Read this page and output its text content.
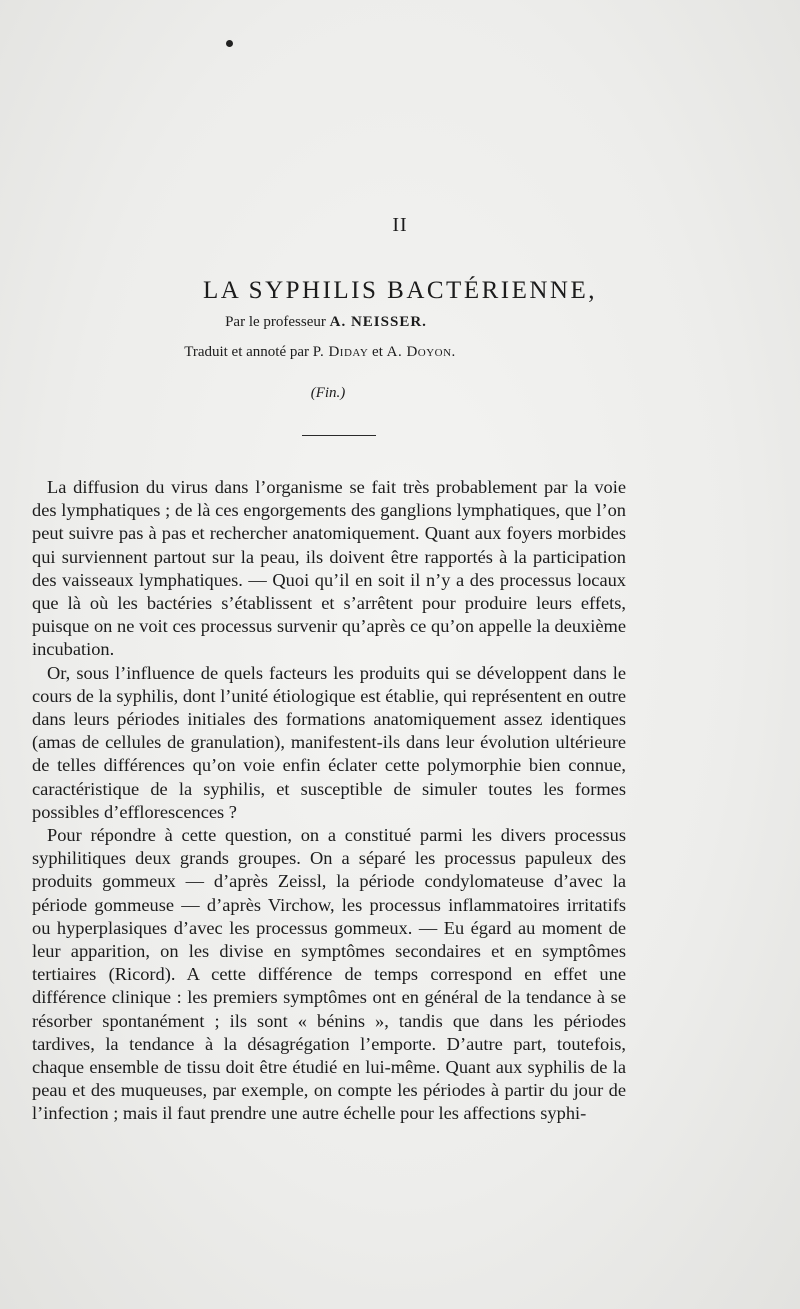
II
LA SYPHILIS BACTÉRIENNE,
Par le professeur A. NEISSER.
Traduit et annoté par P. Diday et A. Doyon.
(Fin.)

La diffusion du virus dans l’organisme se fait très probablement par la voie des lymphatiques ; de là ces engorgements des ganglions lymphatiques, que l’on peut suivre pas à pas et rechercher anatomiquement. Quant aux foyers morbides qui surviennent partout sur la peau, ils doivent être rapportés à la participation des vaisseaux lymphatiques. — Quoi qu’il en soit il n’y a des processus locaux que là où les bactéries s’établissent et s’arrêtent pour produire leurs effets, puisque on ne voit ces processus survenir qu’après ce qu’on appelle la deuxième incubation.

Or, sous l’influence de quels facteurs les produits qui se développent dans le cours de la syphilis, dont l’unité étiologique est établie, qui représentent en outre dans leurs périodes initiales des formations anatomiquement assez identiques (amas de cellules de granulation), manifestent-ils dans leur évolution ultérieure de telles différences qu’on voie enfin éclater cette polymorphie bien connue, caractéristique de la syphilis, et susceptible de simuler toutes les formes possibles d’efflorescences ?

Pour répondre à cette question, on a constitué parmi les divers processus syphilitiques deux grands groupes. On a séparé les processus papuleux des produits gommeux — d’après Zeissl, la période condylomateuse d’avec la période gommeuse — d’après Virchow, les processus inflammatoires irritatifs ou hyperplasiques d’avec les processus gommeux. — Eu égard au moment de leur apparition, on les divise en symptômes secondaires et en symptômes tertiaires (Ricord). A cette différence de temps correspond en effet une différence clinique : les premiers symptômes ont en général de la tendance à se résorber spontanément ; ils sont « bénins », tandis que dans les périodes tardives, la tendance à la désagrégation l’emporte. D’autre part, toutefois, chaque ensemble de tissu doit être étudié en lui-même. Quant aux syphilis de la peau et des muqueuses, par exemple, on compte les périodes à partir du jour de l’infection ; mais il faut prendre une autre échelle pour les affections syphi-
